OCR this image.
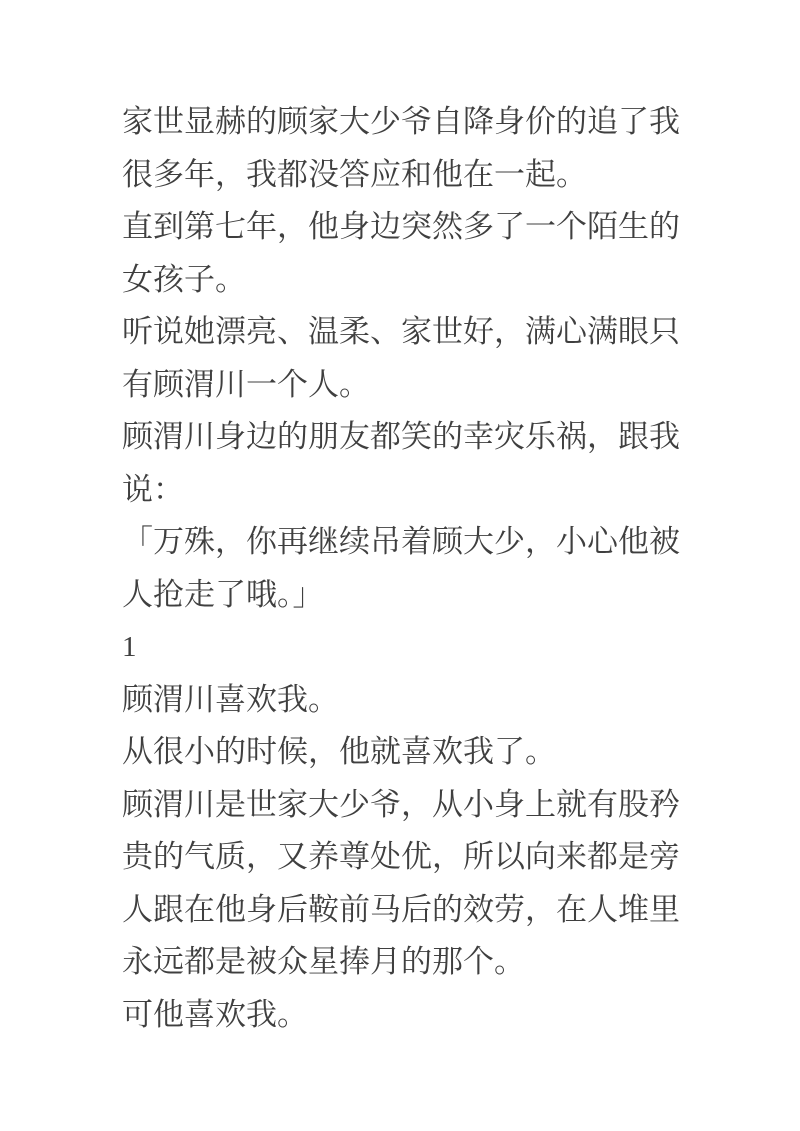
家世显赫的顾家大少爷自降身价的追了我很多年，我都没答应和他在一起。

直到第七年，他身边突然多了一个陌生的女孩子。

听说她漂亮、温柔、家世好，满心满眼只有顾渭川一个人。

顾渭川身边的朋友都笑的幸灾乐祸，跟我说：

「万殊，你再继续吊着顾大少，小心他被人抢走了哦。」

1

顾渭川喜欢我。

从很小的时候，他就喜欢我了。

顾渭川是世家大少爷，从小身上就有股矜贵的气质，又养尊处优，所以向来都是旁人跟在他身后鞍前马后的效劳，在人堆里永远都是被众星捧月的那个。

可他喜欢我。
